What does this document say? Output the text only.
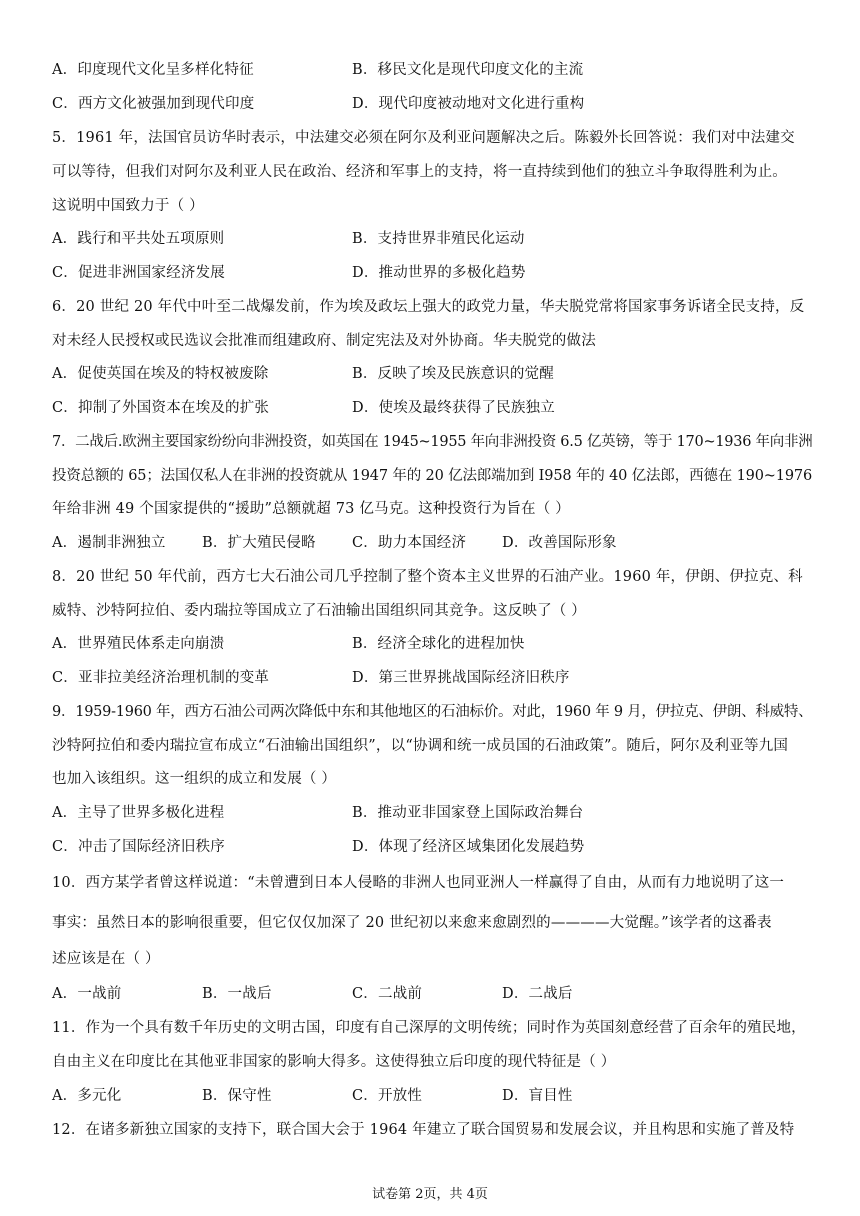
A．印度现代文化呈多样化特征	B．移民文化是现代印度文化的主流
C．西方文化被强加到现代印度	D．现代印度被动地对文化进行重构
5．1961 年，法国官员访华时表示，中法建交必须在阿尔及利亚问题解决之后。陈毅外长回答说：我们对中法建交
可以等待，但我们对阿尔及利亚人民在政治、经济和军事上的支持，将一直持续到他们的独立斗争取得胜利为止。
这说明中国致力于（ ）
A．践行和平共处五项原则	B．支持世界非殖民化运动
C．促进非洲国家经济发展	D．推动世界的多极化趋势
6．20 世纪 20 年代中叶至二战爆发前，作为埃及政坛上强大的政党力量，华夫脱党常将国家事务诉诸全民支持，反
对未经人民授权或民选议会批准而组建政府、制定宪法及对外协商。华夫脱党的做法
A．促使英国在埃及的特权被废除	B．反映了埃及民族意识的觉醒
C．抑制了外国资本在埃及的扩张	D．使埃及最终获得了民族独立
7．二战后.欧洲主要国家纷纷向非洲投资，如英国在 1945~1955 年向非洲投资 6.5 亿英镑，等于 170~1936 年向非洲
投资总额的 65；法国仅私人在非洲的投资就从 1947 年的 20 亿法郎端加到 I958 年的 40 亿法郎，西德在 190~1976
年给非洲 49 个国家提供的“援助”总额就超 73 亿马克。这种投资行为旨在（ ）
A．遏制非洲独立	B．扩大殖民侵略 C．助力本国经济 D．改善国际形象
8．20 世纪 50 年代前，西方七大石油公司几乎控制了整个资本主义世界的石油产业。1960 年，伊朗、伊拉克、科
威特、沙特阿拉伯、委内瑞拉等国成立了石油输出国组织同其竞争。这反映了（ ）
A．世界殖民体系走向崩溃	B．经济全球化的进程加快
C．亚非拉美经济治理机制的变革	D．第三世界挑战国际经济旧秩序
9．1959-1960 年，西方石油公司两次降低中东和其他地区的石油标价。对此，1960 年 9 月，伊拉克、伊朗、科威特、
沙特阿拉伯和委内瑞拉宣布成立“石油输出国组织”，以“协调和统一成员国的石油政策”。随后，阿尔及利亚等九国
也加入该组织。这一组织的成立和发展（ ）
A．主导了世界多极化进程	B．推动亚非国家登上国际政治舞台
C．冲击了国际经济旧秩序	D．体现了经济区域集团化发展趋势
10．西方某学者曾这样说道：“未曾遭到日本人侵略的非洲人也同亚洲人一样赢得了自由，从而有力地说明了这一
事实：虽然日本的影响很重要，但它仅仅加深了 20 世纪初以来愈来愈剧烈的————大觉醒。”该学者的这番表
述应该是在（ ）
A．一战前	B．一战后	C．二战前	D．二战后
11．作为一个具有数千年历史的文明古国，印度有自己深厚的文明传统；同时作为英国刻意经营了百余年的殖民地，
自由主义在印度比在其他亚非国家的影响大得多。这使得独立后印度的现代特征是（ ）
A．多元化	B．保守性	C．开放性	D．盲目性
12．在诸多新独立国家的支持下，联合国大会于 1964 年建立了联合国贸易和发展会议，并且构思和实施了普及特
试卷第 2页，共 4页
